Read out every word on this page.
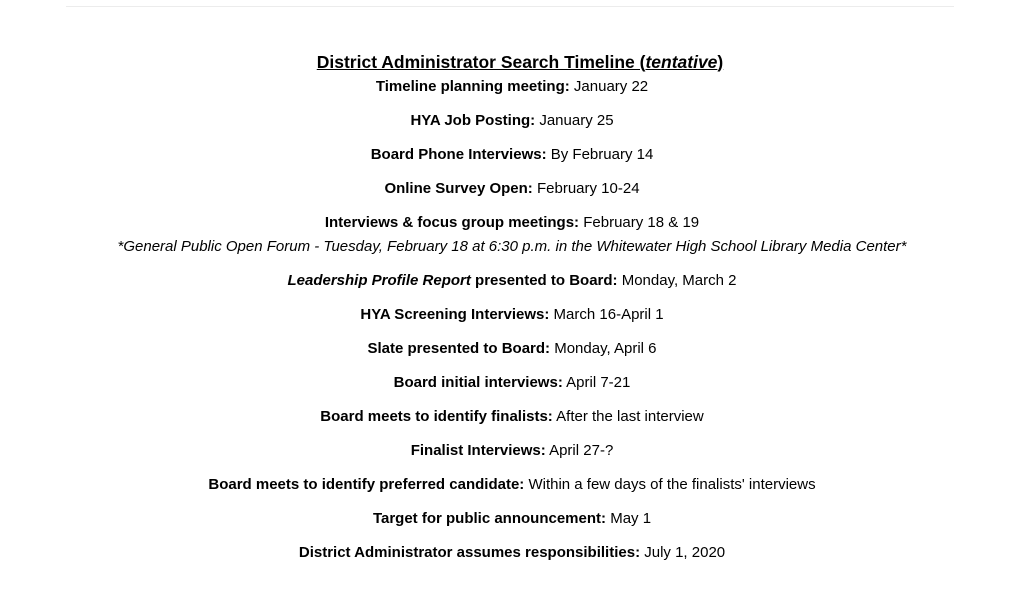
District Administrator Search Timeline (tentative)
Timeline planning meeting: January 22
HYA Job Posting: January 25
Board Phone Interviews: By February 14
Online Survey Open: February 10-24
Interviews & focus group meetings: February 18 & 19
*General Public Open Forum - Tuesday, February 18 at 6:30 p.m. in the Whitewater High School Library Media Center*
Leadership Profile Report presented to Board: Monday, March 2
HYA Screening Interviews: March 16-April 1
Slate presented to Board: Monday, April 6
Board initial interviews: April 7-21
Board meets to identify finalists: After the last interview
Finalist Interviews: April 27-?
Board meets to identify preferred candidate: Within a few days of the finalists' interviews
Target for public announcement: May 1
District Administrator assumes responsibilities: July 1, 2020
